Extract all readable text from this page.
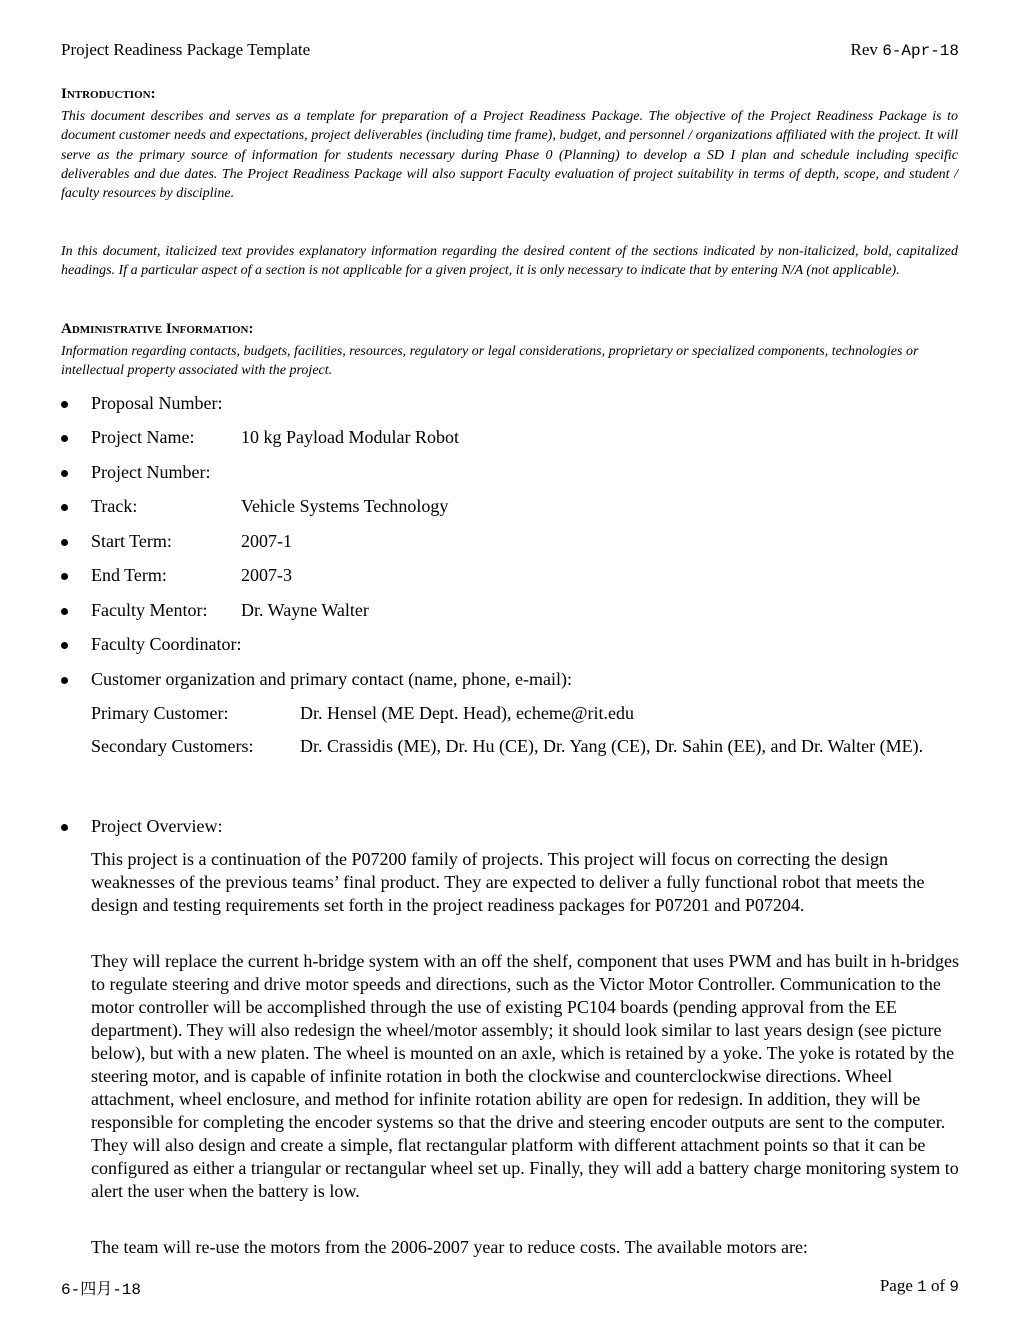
Project Readiness Package Template	Rev 6-Apr-18
Introduction:
This document describes and serves as a template for preparation of a Project Readiness Package. The objective of the Project Readiness Package is to document customer needs and expectations, project deliverables (including time frame), budget, and personnel / organizations affiliated with the project. It will serve as the primary source of information for students necessary during Phase 0 (Planning) to develop a SD I plan and schedule including specific deliverables and due dates. The Project Readiness Package will also support Faculty evaluation of project suitability in terms of depth, scope, and student / faculty resources by discipline.
In this document, italicized text provides explanatory information regarding the desired content of the sections indicated by non-italicized, bold, capitalized headings. If a particular aspect of a section is not applicable for a given project, it is only necessary to indicate that by entering N/A (not applicable).
Administrative Information:
Information regarding contacts, budgets, facilities, resources, regulatory or legal considerations, proprietary or specialized components, technologies or intellectual property associated with the project.
Proposal Number:
Project Name:	10 kg Payload Modular Robot
Project Number:
Track:	Vehicle Systems Technology
Start Term:	2007-1
End Term:	2007-3
Faculty Mentor: Dr. Wayne Walter
Faculty Coordinator:
Customer organization and primary contact (name, phone, e-mail):
Primary Customer:	Dr. Hensel (ME Dept. Head), echeme@rit.edu
Secondary Customers:	Dr. Crassidis (ME), Dr. Hu (CE), Dr. Yang (CE), Dr. Sahin (EE), and Dr. Walter (ME).
Project Overview:
This project is a continuation of the P07200 family of projects. This project will focus on correcting the design weaknesses of the previous teams’ final product. They are expected to deliver a fully functional robot that meets the design and testing requirements set forth in the project readiness packages for P07201 and P07204.
They will replace the current h-bridge system with an off the shelf, component that uses PWM and has built in h-bridges to regulate steering and drive motor speeds and directions, such as the Victor Motor Controller. Communication to the motor controller will be accomplished through the use of existing PC104 boards (pending approval from the EE department). They will also redesign the wheel/motor assembly; it should look similar to last years design (see picture below), but with a new platen. The wheel is mounted on an axle, which is retained by a yoke. The yoke is rotated by the steering motor, and is capable of infinite rotation in both the clockwise and counterclockwise directions. Wheel attachment, wheel enclosure, and method for infinite rotation ability are open for redesign. In addition, they will be responsible for completing the encoder systems so that the drive and steering encoder outputs are sent to the computer. They will also design and create a simple, flat rectangular platform with different attachment points so that it can be configured as either a triangular or rectangular wheel set up. Finally, they will add a battery charge monitoring system to alert the user when the battery is low.
The team will re-use the motors from the 2006-2007 year to reduce costs. The available motors are:
6-四月-18	Page 1 of 9
